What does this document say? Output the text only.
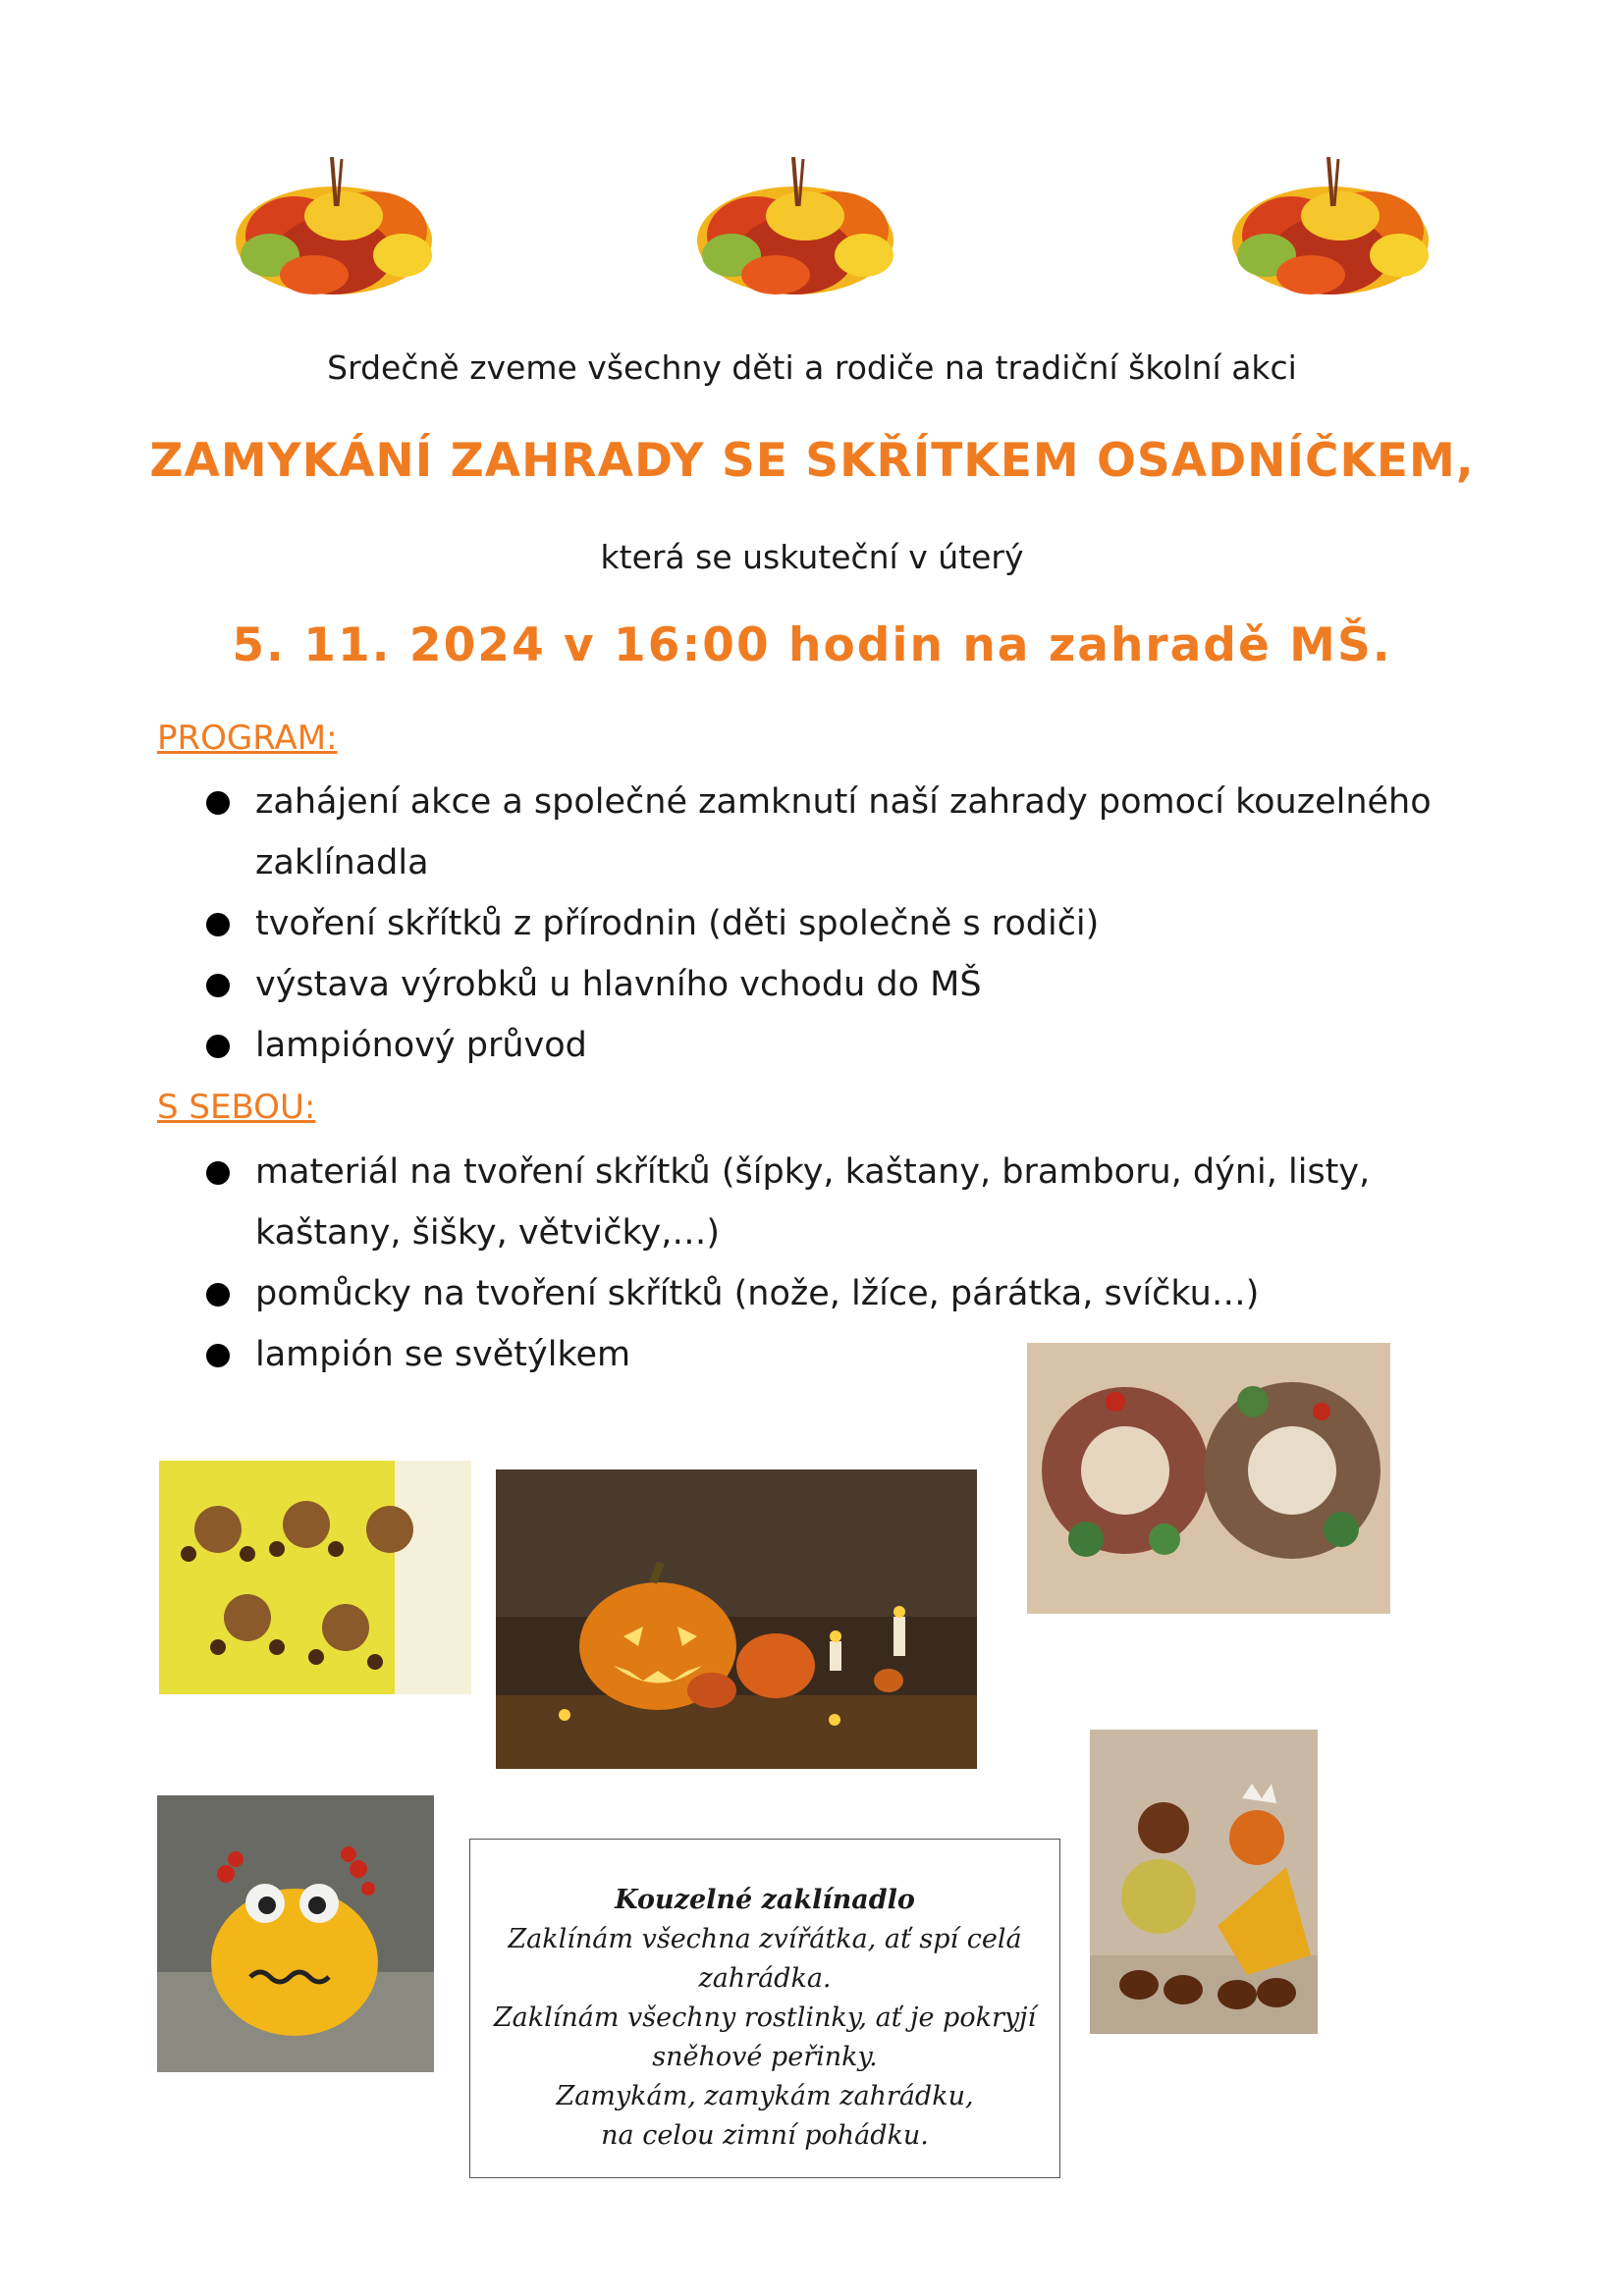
Srdečně zveme všechny děti a rodiče na tradiční školní akci
ZAMYKÁNÍ ZAHRADY SE SKŘÍTKEM OSADNÍČKEM,
která se uskuteční v úterý
5. 11. 2024 v 16:00 hodin na zahradě MŠ.
PROGRAM:
zahájení akce a společné zamknutí naší zahrady pomocí kouzelného zaklínadla
tvoření skřítků z přírodnin (děti společně s rodiči)
výstava výrobků u hlavního vchodu do MŠ
lampiónový průvod
S SEBOU:
materiál na tvoření skřítků (šípky, kaštany, bramboru, dýni, listy, kaštany, šišky, větvičky,…)
pomůcky na tvoření skřítků (nože, lžíce, párátka, svíčku…)
lampión se světýlkem
Kouzelné zaklínadlo
Zaklínám všechna zvířátka, ať spí celá
zahrádka.
Zaklínám všechny rostlinky, ať je pokryjí
sněhové peřinky.
Zamykám, zamykám zahrádku,
na celou zimní pohádku.
